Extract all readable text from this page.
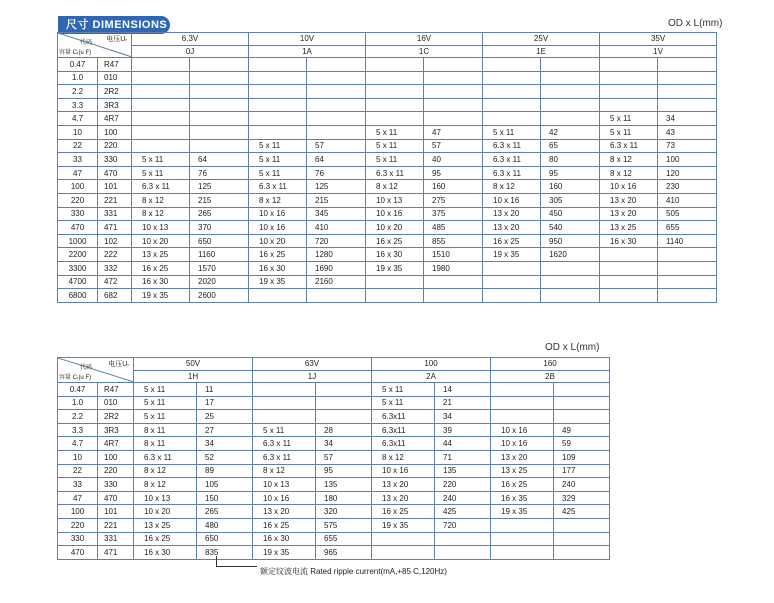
尺寸 DIMENSIONS	OD x L(mm)
OD x L(mm)
电压Uᵣ
代码
容量 Cᵣ(u F)		6.3V		10V		16V		25V		35V	
		0J		1A		1C		1E		1V	
0.47	R47										
1.0	010										
2.2	2R2										
3.3	3R3										
4.7	4R7									5 x 11	34
10	100					5 x 11	47	5 x 11	42	5 x 11	43
22	220			5 x 11	57	5 x 11	57	6.3 x 11	65	6.3 x 11	73
33	330	5 x 11	64	5 x 11	64	5 x 11	40	6.3 x 11	80	8 x 12	100
47	470	5 x 11	76	5 x 11	76	6.3 x 11	95	6.3 x 11	95	8 x 12	120
100	101	6.3 x 11	125	6.3 x 11	125	8 x 12	160	8 x 12	160	10 x 16	230
220	221	8 x 12	215	8 x 12	215	10 x 13	275	10 x 16	305	13 x 20	410
330	331	8 x 12	265	10 x 16	345	10 x 16	375	13 x 20	450	13 x 20	505
470	471	10 x 13	370	10 x 16	410	10 x 20	485	13 x 20	540	13 x 25	655
1000	102	10 x 20	650	10 x 20	720	16 x 25	855	16 x 25	950	16 x 30	1140
2200	222	13 x 25	1160	16 x 25	1280	16 x 30	1510	19 x 35	1620		
3300	332	16 x 25	1570	16 x 30	1690	19 x 35	1980				
4700	472	16 x 30	2020	19 x 35	2160						
6800	682	19 x 35	2600								
电压Uᵣ
代码
容量 Cᵣ(u F)		50V		63V		100		160	
		1H		1J		2A		2B	
0.47	R47	5 x 11	11			5 x 11	14		
1.0	010	5 x 11	17			5 x 11	21		
2.2	2R2	5 x 11	25			6.3x11	34		
3.3	3R3	8 x 11	27	5 x 11	28	6.3x11	39	10 x 16	49
4.7	4R7	8 x 11	34	6.3 x 11	34	6.3x11	44	10 x 16	59
10	100	6.3 x 11	52	6.3 x 11	57	8 x 12	71	13 x 20	109
22	220	8 x 12	89	8 x 12	95	10 x 16	135	13 x 25	177
33	330	8 x 12	105	10 x 13	135	13 x 20	220	16 x 25	240
47	470	10 x 13	150	10 x 16	180	13 x 20	240	16 x 35	329
100	101	10 x 20	265	13 x 20	320	16 x 25	425	19 x 35	425
220	221	13 x 25	480	16 x 25	575	19 x 35	720		
330	331	16 x 25	650	16 x 30	655				
470	471	16 x 30	835	19 x 35	965				
额定纹波电流 Rated ripple current(mA,+85 C,120Hz)
